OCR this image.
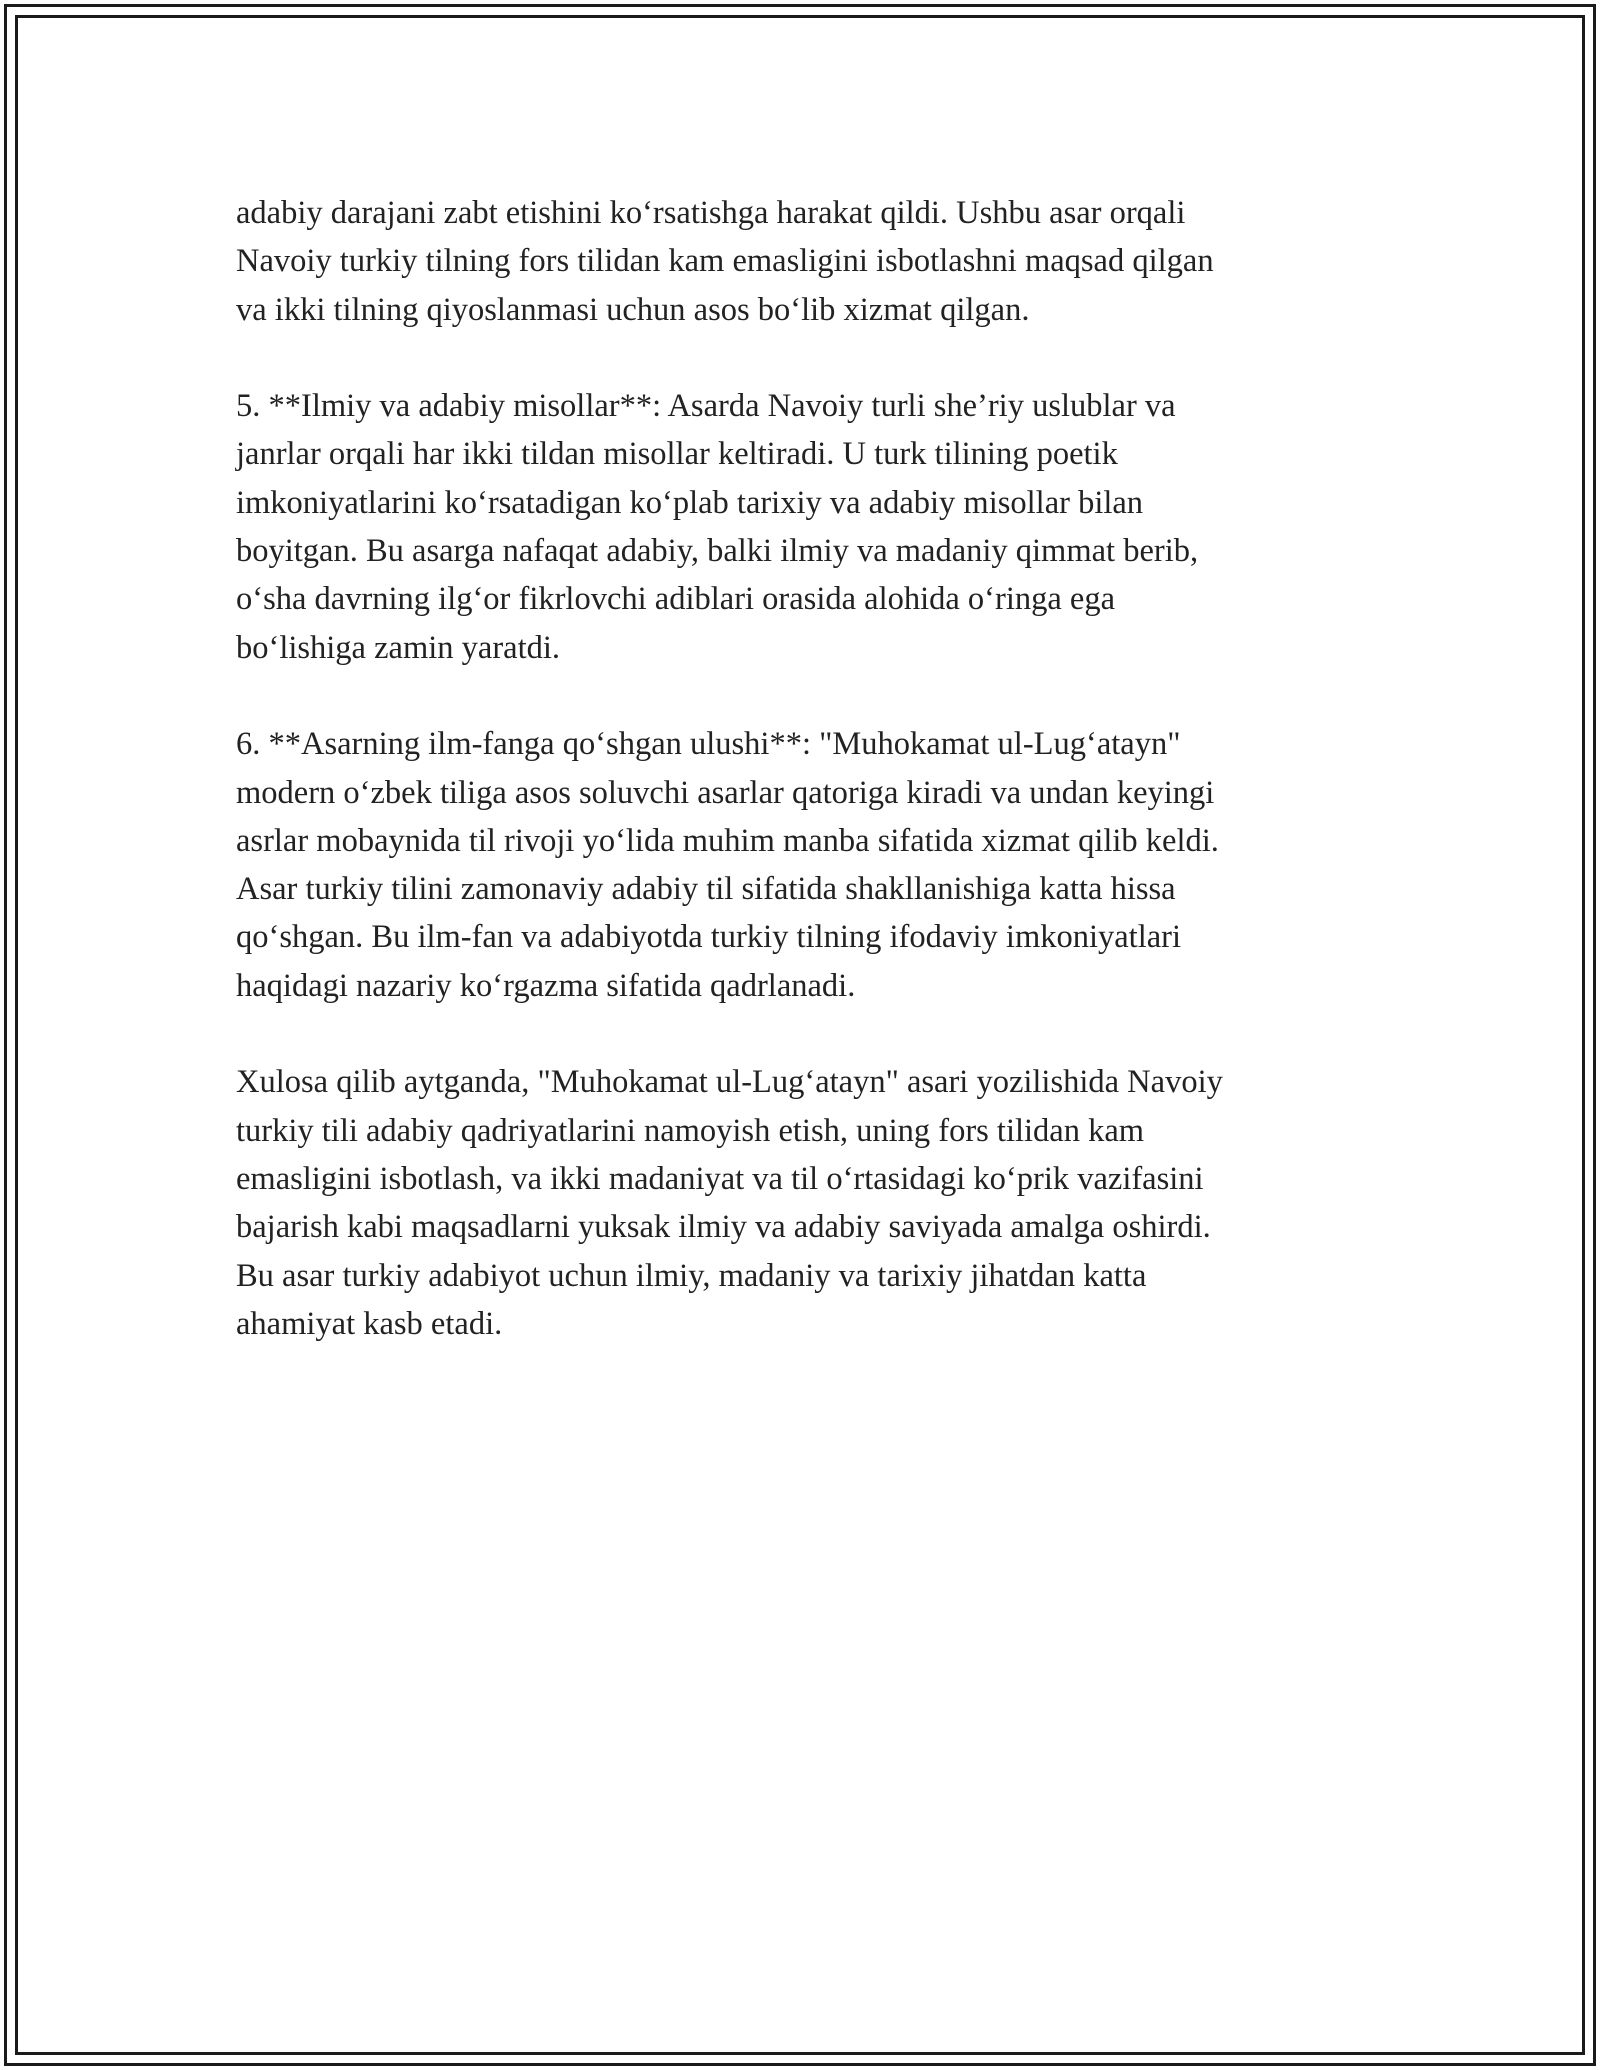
adabiy darajani zabt etishini ko‘rsatishga harakat qildi. Ushbu asar orqali
Navoiy turkiy tilning fors tilidan kam emasligini isbotlashni maqsad qilgan
va ikki tilning qiyoslanmasi uchun asos bo‘lib xizmat qilgan.

5. **Ilmiy va adabiy misollar**: Asarda Navoiy turli she’riy uslublar va
janrlar orqali har ikki tildan misollar keltiradi. U turk tilining poetik
imkoniyatlarini ko‘rsatadigan ko‘plab tarixiy va adabiy misollar bilan
boyitgan. Bu asarga nafaqat adabiy, balki ilmiy va madaniy qimmat berib,
o‘sha davrning ilg‘or fikrlovchi adiblari orasida alohida o‘ringa ega
bo‘lishiga zamin yaratdi.

6. **Asarning ilm-fanga qo‘shgan ulushi**: "Muhokamat ul-Lug‘atayn"
modern o‘zbek tiliga asos soluvchi asarlar qatoriga kiradi va undan keyingi
asrlar mobaynida til rivoji yo‘lida muhim manba sifatida xizmat qilib keldi.
Asar turkiy tilini zamonaviy adabiy til sifatida shakllanishiga katta hissa
qo‘shgan. Bu ilm-fan va adabiyotda turkiy tilning ifodaviy imkoniyatlari
haqidagi nazariy ko‘rgazma sifatida qadrlanadi.

Xulosa qilib aytganda, "Muhokamat ul-Lug‘atayn" asari yozilishida Navoiy
turkiy tili adabiy qadriyatlarini namoyish etish, uning fors tilidan kam
emasligini isbotlash, va ikki madaniyat va til o‘rtasidagi ko‘prik vazifasini
bajarish kabi maqsadlarni yuksak ilmiy va adabiy saviyada amalga oshirdi.
Bu asar turkiy adabiyot uchun ilmiy, madaniy va tarixiy jihatdan katta
ahamiyat kasb etadi.
